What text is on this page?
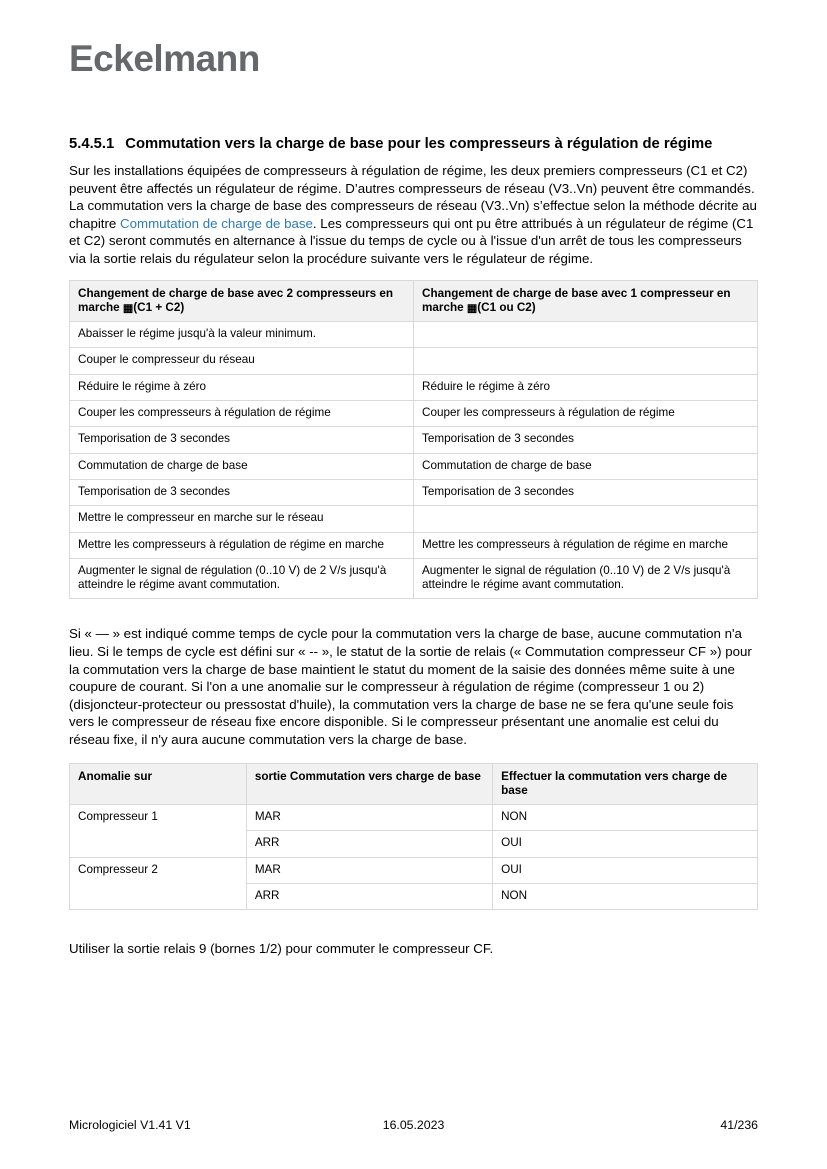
Eckelmann
5.4.5.1 Commutation vers la charge de base pour les compresseurs à régulation de régime

Sur les installations équipées de compresseurs à régulation de régime, les deux premiers compresseurs (C1 et C2) peuvent être affectés un régulateur de régime. D’autres compresseurs de réseau (V3..Vn) peuvent être commandés. La commutation vers la charge de base des compresseurs de réseau (V3..Vn) s’effectue selon la méthode décrite au chapitre Commutation de charge de base. Les compresseurs qui ont pu être attribués à un régulateur de régime (C1 et C2) seront commutés en alternance à l'issue du temps de cycle ou à l'issue d'un arrêt de tous les compresseurs via la sortie relais du régulateur selon la procédure suivante vers le régulateur de régime.

Changement de charge de base avec 2 compresseurs en marche ▦(C1 + C2)	Changement de charge de base avec 1 compresseur en marche ▦(C1 ou C2)
Abaisser le régime jusqu'à la valeur minimum.	
Couper le compresseur du réseau	
Réduire le régime à zéro	Réduire le régime à zéro
Couper les compresseurs à régulation de régime	Couper les compresseurs à régulation de régime
Temporisation de 3 secondes	Temporisation de 3 secondes
Commutation de charge de base	Commutation de charge de base
Temporisation de 3 secondes	Temporisation de 3 secondes
Mettre le compresseur en marche sur le réseau	
Mettre les compresseurs à régulation de régime en marche	Mettre les compresseurs à régulation de régime en marche
Augmenter le signal de régulation (0..10 V) de 2 V/s jusqu'à atteindre le régime avant commutation.	Augmenter le signal de régulation (0..10 V) de 2 V/s jusqu'à atteindre le régime avant commutation.

Si « — » est indiqué comme temps de cycle pour la commutation vers la charge de base, aucune commutation n'a lieu. Si le temps de cycle est défini sur « -- », le statut de la sortie de relais (« Commutation compresseur CF ») pour la commutation vers la charge de base maintient le statut du moment de la saisie des données même suite à une coupure de courant. Si l'on a une anomalie sur le compresseur à régulation de régime (compresseur 1 ou 2) (disjoncteur-protecteur ou pressostat d'huile), la commutation vers la charge de base ne se fera qu'une seule fois vers le compresseur de réseau fixe encore disponible. Si le compresseur présentant une anomalie est celui du réseau fixe, il n'y aura aucune commutation vers la charge de base.

Anomalie sur	sortie Commutation vers charge de base	Effectuer la commutation vers charge de base
Compresseur 1	MAR	NON
	ARR	OUI
Compresseur 2	MAR	OUI
	ARR	NON

Utiliser la sortie relais 9 (bornes 1/2) pour commuter le compresseur CF.

Micrologiciel V1.41 V1	16.05.2023	41/236
